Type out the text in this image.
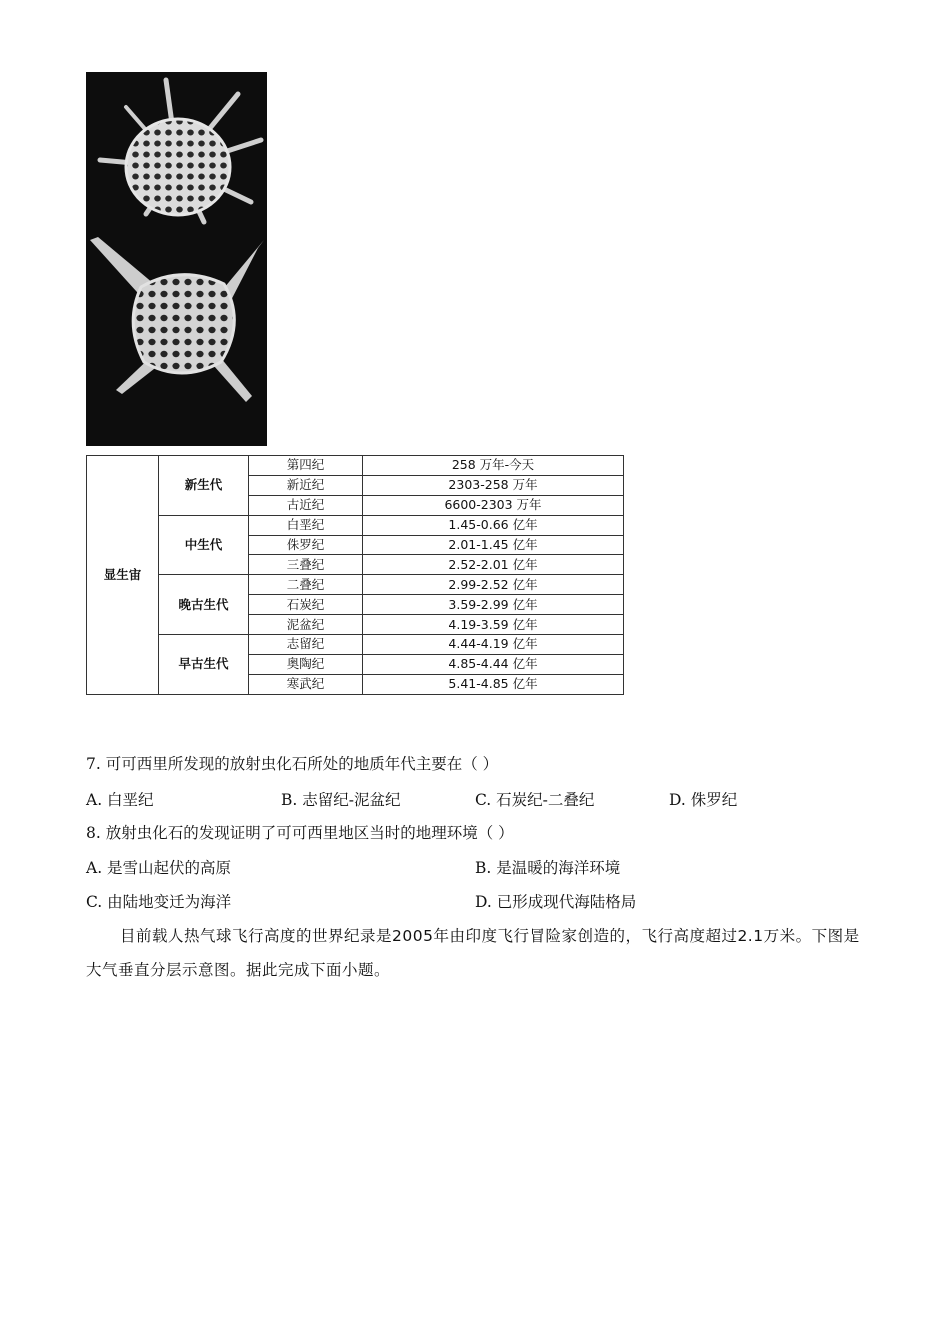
显生宙	新生代	第四纪	258 万年-今天
		新近纪	2303-258 万年
		古近纪	6600-2303 万年
	中生代	白垩纪	1.45-0.66 亿年
		侏罗纪	2.01-1.45 亿年
		三叠纪	2.52-2.01 亿年
	晚古生代	二叠纪	2.99-2.52 亿年
		石炭纪	3.59-2.99 亿年
		泥盆纪	4.19-3.59 亿年
	早古生代	志留纪	4.44-4.19 亿年
		奥陶纪	4.85-4.44 亿年
		寒武纪	5.41-4.85 亿年
7. 可可西里所发现的放射虫化石所处的地质年代主要在（ ）
A. 白垩纪	B. 志留纪-泥盆纪	C. 石炭纪-二叠纪	D. 侏罗纪
8. 放射虫化石的发现证明了可可西里地区当时的地理环境（ ）
A. 是雪山起伏的高原	B. 是温暖的海洋环境
C. 由陆地变迁为海洋	D. 已形成现代海陆格局
目前载人热气球飞行高度的世界纪录是2005年由印度飞行冒险家创造的，飞行高度超过2.1万米。下图是大气垂直分层示意图。据此完成下面小题。
